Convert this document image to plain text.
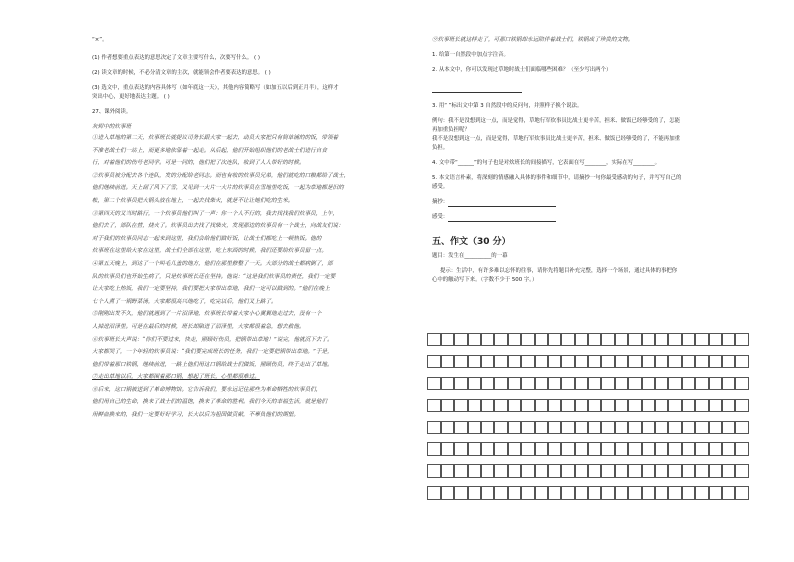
“×”。

(1) 作者想要重点表达的意思决定了文章主要写什么，次要写什么。 ( )

(2) 读文章的时候，不必分清文章的主次，就能领会作者要表达的意思。 ( )

(3) 选文中，重点表达的内容具体写（如年底这一天），其他内容简略写（如加五以后到正月半），这样才

突出中心，更好地表达主题。 ( )

27、课外阅读。

灰烬中的炊事班

①进入草地的第二天，炊事班长就提议司务长跟大家一起去，动员大家把只有简单铺的的饭，带领着

不准老战士们一站上，而更多地依靠着一起走。从后起，他们开始组织他们的老战士们进行自食

行，对着他们的伤号老同学。可是一同的，他们把了次连队，收到了人人带好的时候。

②炊事员被分配去各个连队，发的分配给老同志。而也有收的炊事员兄弟，他们就吃的口粮都给了战士，

他们继续前进。天上刮了风下了雪，又见到一大片一大片的炊事员在雪地里吃饭，一起为草地都是旧的

帐，第二个炊事员把大锅头放在地上，一起去找柴火，就是不让让她们吃的生米。

③第四天的又当时路行，一个炊事员他们叫了一声：你一个人不行的，我去找找我们炊事员，上午，

他们去了，部队在营，烧火了。炊事员出去找了找柴火，发现那边的炊事员有一个战士，向战友们说：

对于我们的炊事员同志一起来到这里，我们会给他们做好饭，让战士们都吃上一顿热饭。他的

炊事班在这里给大家在这里，战士们全部在这里，吃上东西的时候，我们还要给炊事员留一点。

④第五天晚上，到达了一个叫毛儿盖的地方，他们在那里修整了一天。大部分的战士都病倒了，部

队的炊事员们也开始生病了，只是炊事班长还在坚持。他说：“这是我们炊事员的责任，我们一定要

让大家吃上热饭，我们一定要坚持，我们要把大家带出草地，我们一定可以做到的。”他们在晚上

七个人煮了一锅野菜汤，大家都很高兴地吃了，吃完以后，他们又上路了。

⑤刚刚出发不久，他们就遇到了一片沼泽地，炊事班长带着大家小心翼翼地走过去，没有一个

人掉进沼泽里。可是在最后的时候，班长却陷进了沼泽里，大家都很着急，想去救他。

⑥炊事班长大声说：“你们不要过来，快走，照顾好伤员，把锅带出草地！”说完，他就沉下去了。

大家都哭了，一个年轻的炊事员说：“我们要完成班长的任务，我们一定要把锅带出草地。”于是，

他们带着那口铁锅，继续前进，一路上他们用这口锅给战士们做饭，照顾伤员，终于走出了草地。

⑦走出草地以后，大家都围着那口锅，想起了班长，心里都很难过。

⑧后来，这口锅被送到了革命博物馆。它告诉我们，要永远记住那些为革命牺牲的炊事员们，

他们用自己的生命，换来了战士们的温饱，换来了革命的胜利。我们今天的幸福生活，就是他们

用鲜血换来的，我们一定要好好学习，长大以后为祖国做贡献，不辜负他们的期望。

⑨炊事班长就这样走了，可那口铁锅却永远陪伴着战士们，铁锅成了珍贵的文物。

1. 给第一自然段中加点字注音。

2. 从本文中，你可以发现过草地时战士们面临哪些困难？（至少写出两个）

3. 用“ ”标出文中第 3 自然段中的反问句，并照样子换个说法。

例句：我不是没想到这一点，而是觉得，草地行军炊事员比战士更辛苦，担米、做饭已经够受的了，怎能

再加重负担呢？

我不是没想到这一点，而是觉得，草地行军炊事员比战士更辛苦，担米、做饭已经够受的了，不能再加重

负担。

4. 文中带“______”的句子也是对炊班长的间接描写，它表面在写________，实际在写________。

5. 本文语言朴素，将深刻的情感融入具体的事件和细节中，请摘抄一句你最受感动的句子，并写写自己的

感受。

摘抄：

感受：

五、作文（30 分）

题目：发生在__________的一幕

提示：生活中，有许多难以忘怀的往事，请你先将题目补充完整，选择一个场景，通过具体的事把你

心中的触动写下来。（字数不少于 500 字。）
